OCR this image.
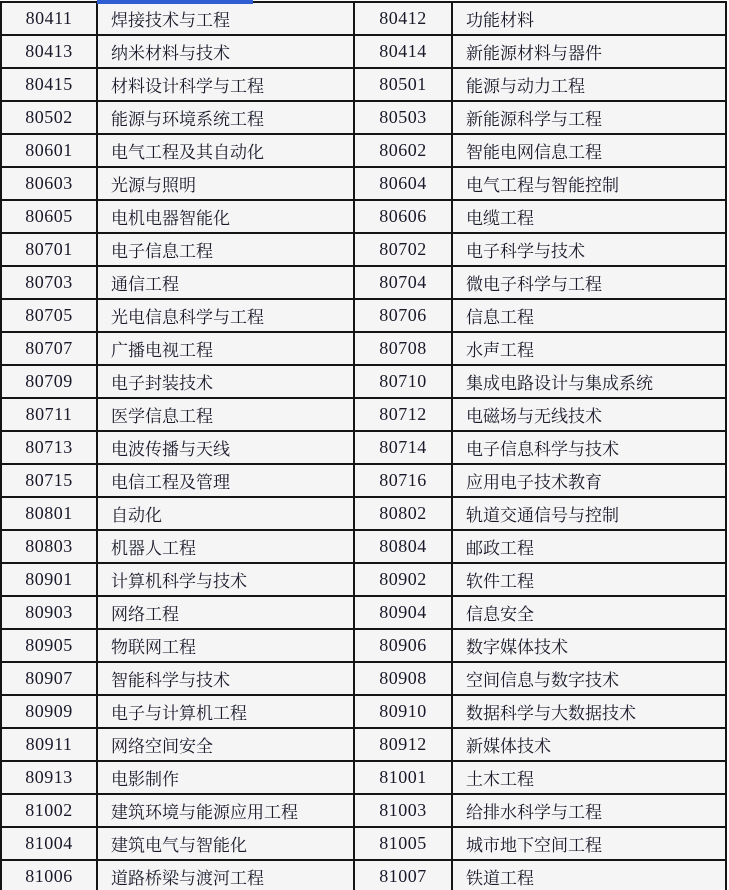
80411	焊接技术与工程	80412	功能材料
80413	纳米材料与技术	80414	新能源材料与器件
80415	材料设计科学与工程	80501	能源与动力工程
80502	能源与环境系统工程	80503	新能源科学与工程
80601	电气工程及其自动化	80602	智能电网信息工程
80603	光源与照明	80604	电气工程与智能控制
80605	电机电器智能化	80606	电缆工程
80701	电子信息工程	80702	电子科学与技术
80703	通信工程	80704	微电子科学与工程
80705	光电信息科学与工程	80706	信息工程
80707	广播电视工程	80708	水声工程
80709	电子封装技术	80710	集成电路设计与集成系统
80711	医学信息工程	80712	电磁场与无线技术
80713	电波传播与天线	80714	电子信息科学与技术
80715	电信工程及管理	80716	应用电子技术教育
80801	自动化	80802	轨道交通信号与控制
80803	机器人工程	80804	邮政工程
80901	计算机科学与技术	80902	软件工程
80903	网络工程	80904	信息安全
80905	物联网工程	80906	数字媒体技术
80907	智能科学与技术	80908	空间信息与数字技术
80909	电子与计算机工程	80910	数据科学与大数据技术
80911	网络空间安全	80912	新媒体技术
80913	电影制作	81001	土木工程
81002	建筑环境与能源应用工程	81003	给排水科学与工程
81004	建筑电气与智能化	81005	城市地下空间工程
81006	道路桥梁与渡河工程	81007	铁道工程
